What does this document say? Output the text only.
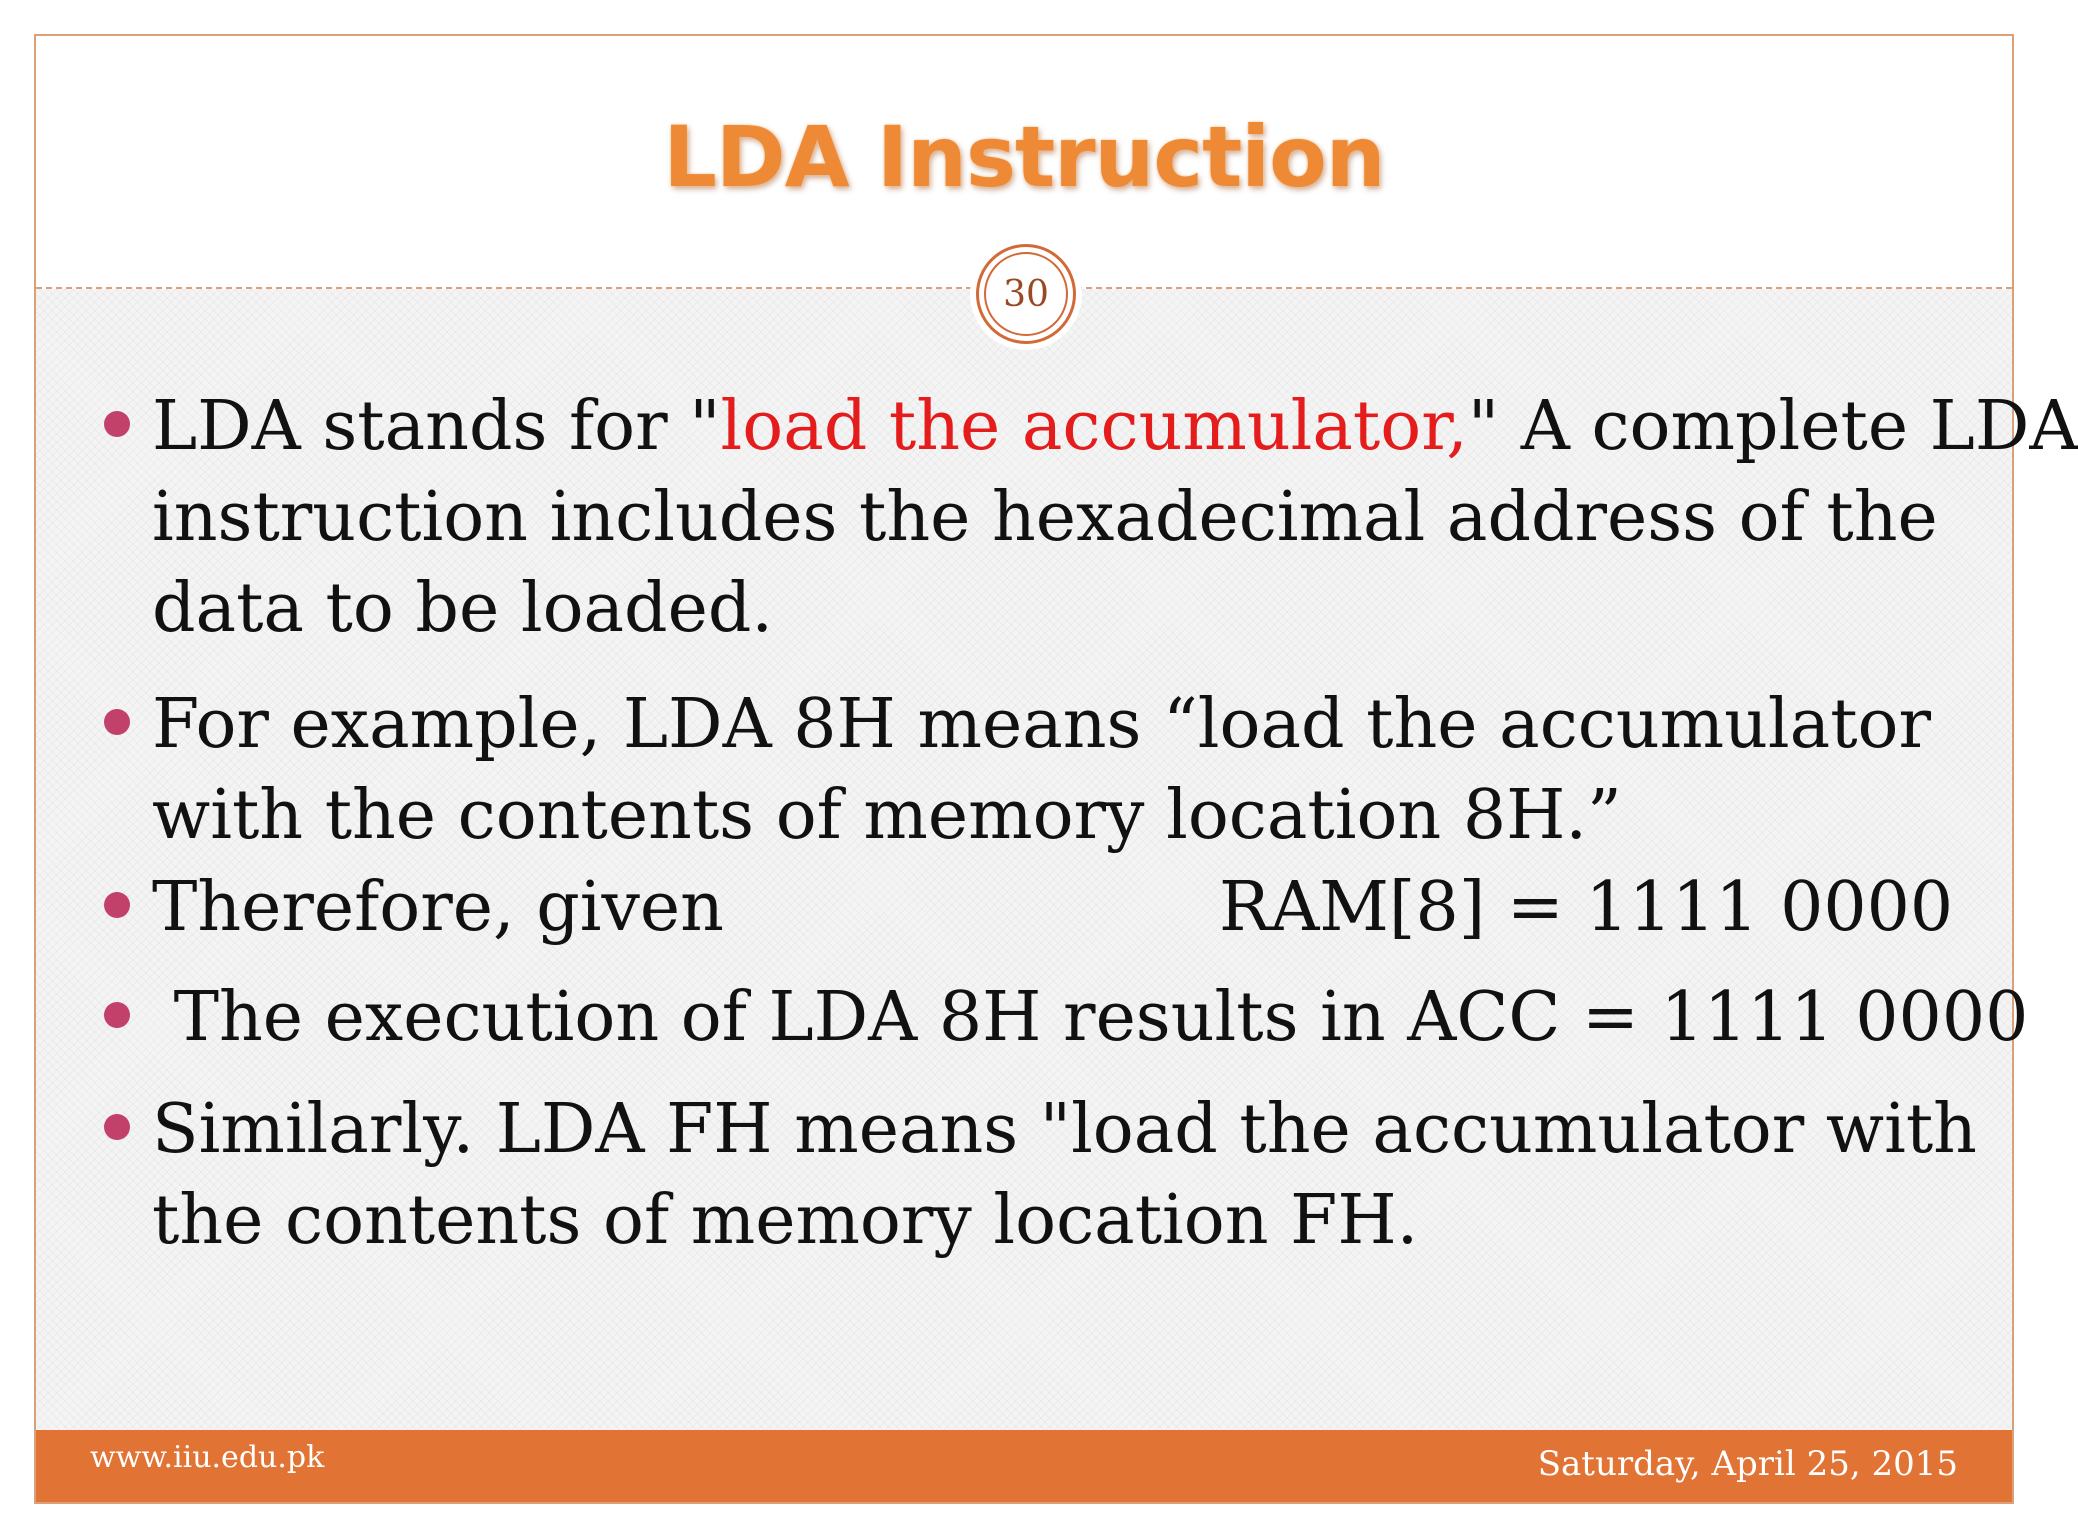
LDA Instruction
30
LDA stands for "load the accumulator," A complete LDA
instruction includes the hexadecimal address of the
data to be loaded.
For example, LDA 8H means “load the accumulator
with the contents of memory location 8H.”
Therefore, given	RAM[8] = 1111 0000
The execution of LDA 8H results in ACC = 1111 0000
Similarly. LDA FH means "load the accumulator with
the contents of memory location FH.
www.iiu.edu.pk	Saturday, April 25, 2015
